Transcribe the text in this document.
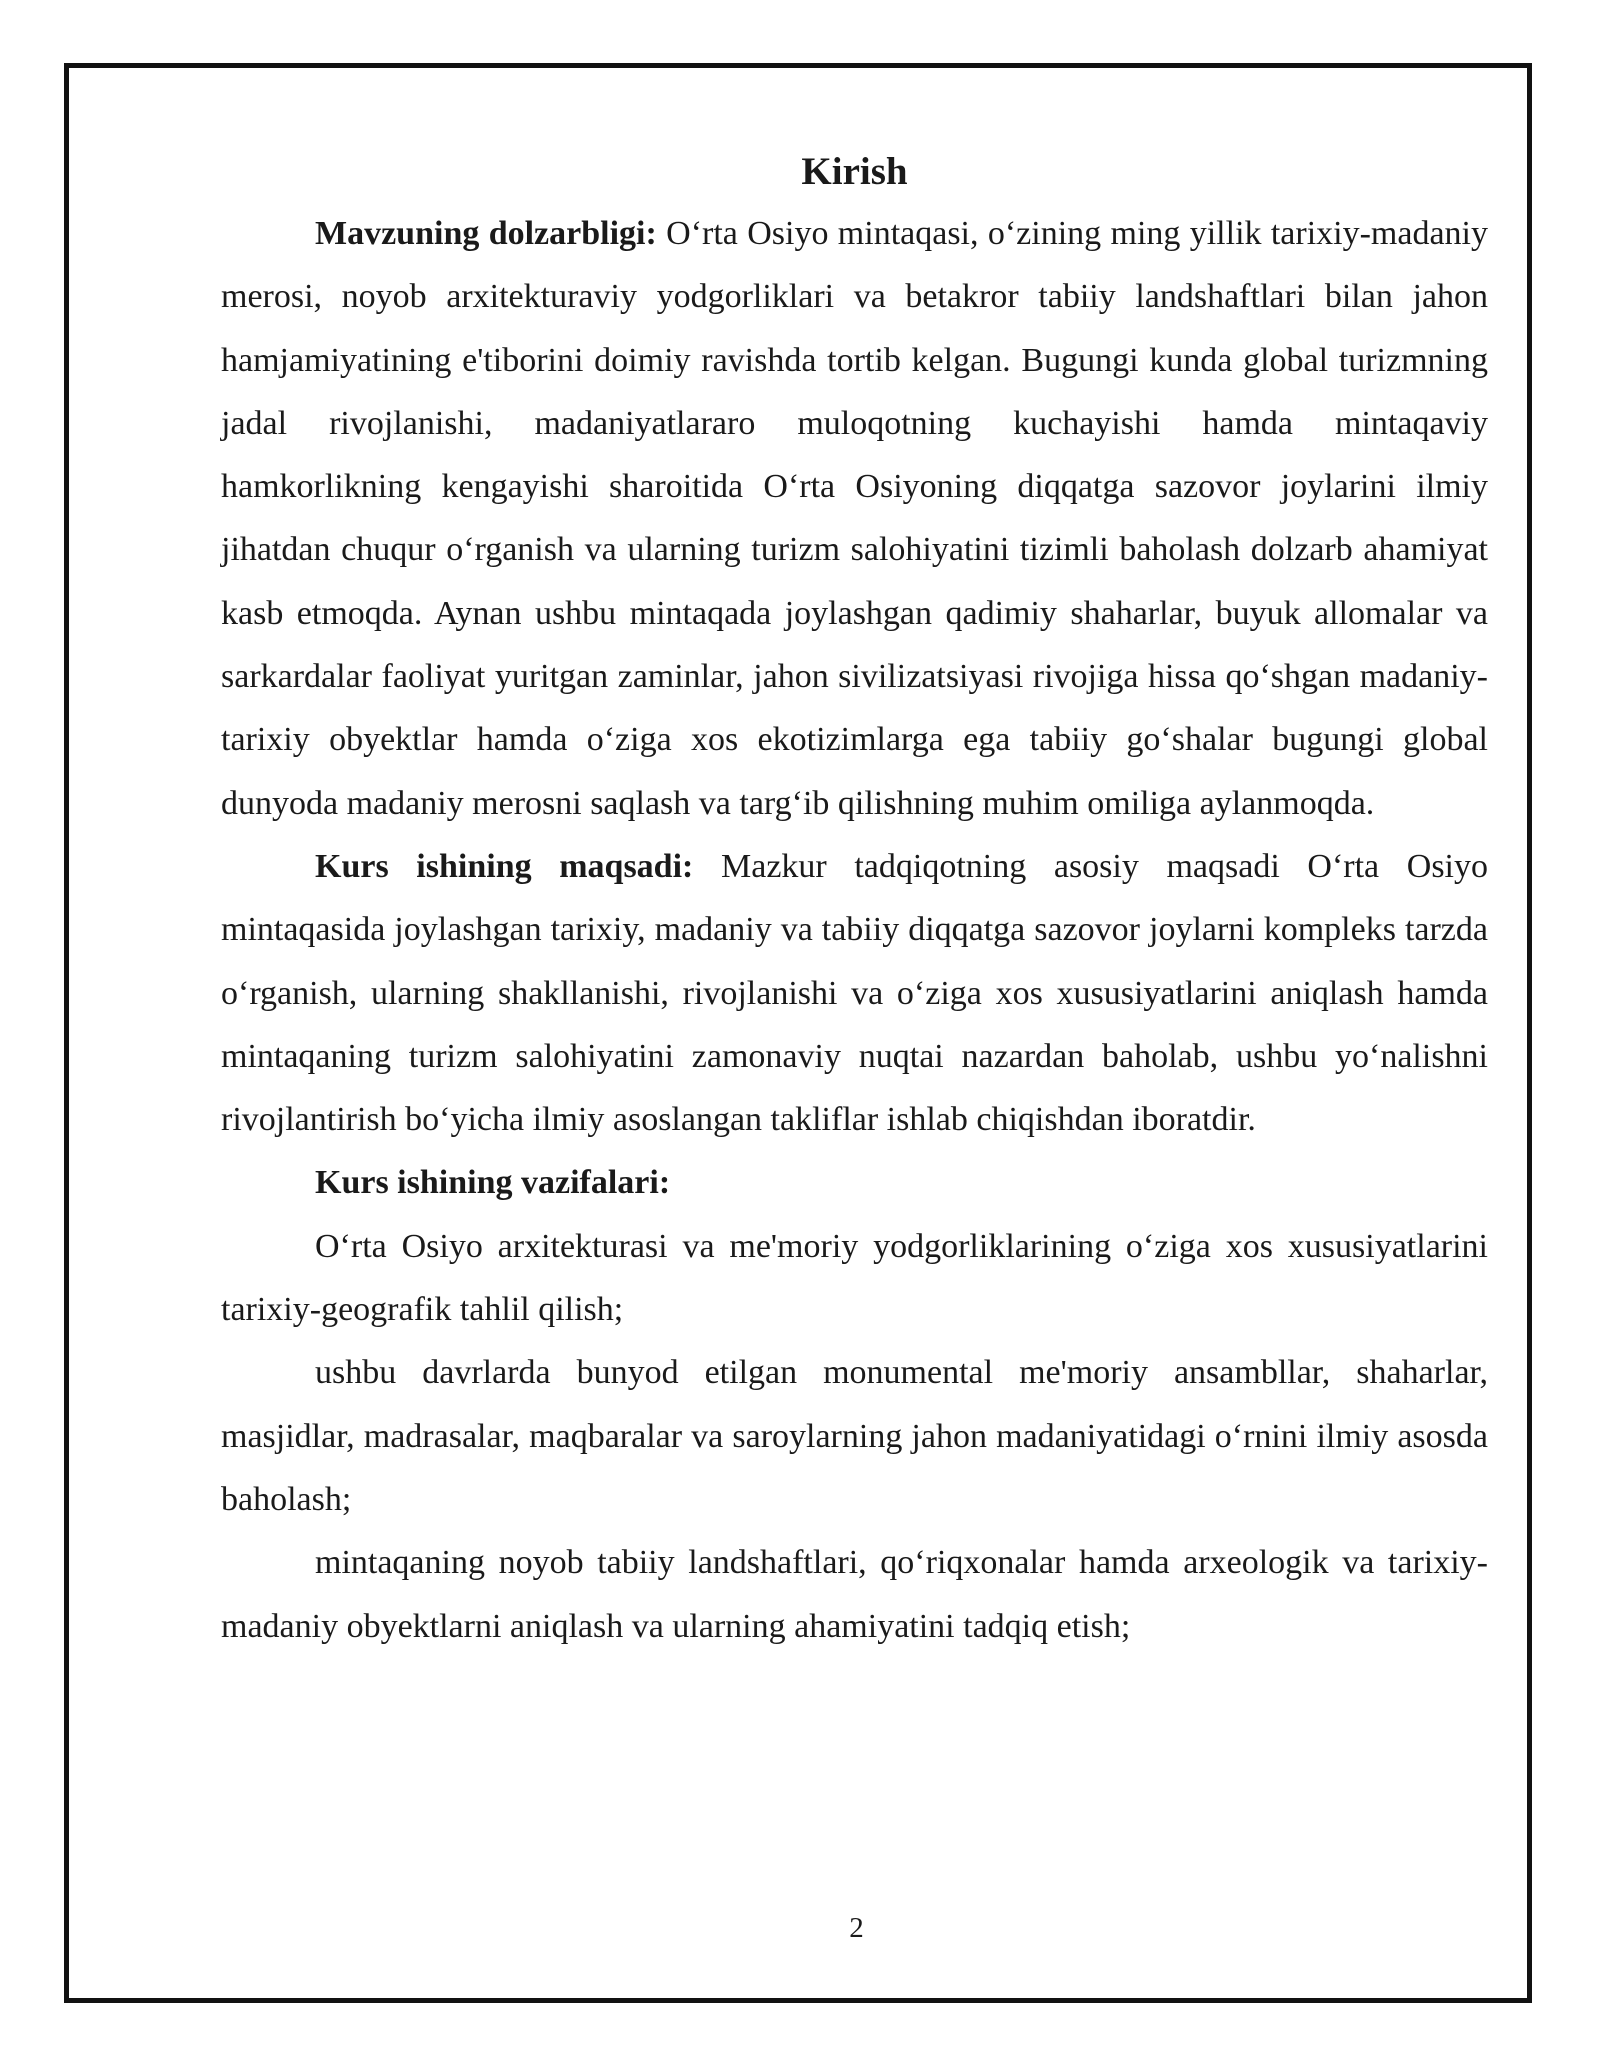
Kirish

Mavzuning dolzarbligi: O‘rta Osiyo mintaqasi, o‘zining ming yillik tarixiy-madaniy merosi, noyob arxitekturaviy yodgorliklari va betakror tabiiy landshaftlari bilan jahon hamjamiyatining e'tiborini doimiy ravishda tortib kelgan. Bugungi kunda global turizmning jadal rivojlanishi, madaniyatlararo muloqotning kuchayishi hamda mintaqaviy hamkorlikning kengayishi sharoitida O‘rta Osiyoning diqqatga sazovor joylarini ilmiy jihatdan chuqur o‘rganish va ularning turizm salohiyatini tizimli baholash dolzarb ahamiyat kasb etmoqda. Aynan ushbu mintaqada joylashgan qadimiy shaharlar, buyuk allomalar va sarkardalar faoliyat yuritgan zaminlar, jahon sivilizatsiyasi rivojiga hissa qo‘shgan madaniy-tarixiy obyektlar hamda o‘ziga xos ekotizimlarga ega tabiiy go‘shalar bugungi global dunyoda madaniy merosni saqlash va targ‘ib qilishning muhim omiliga aylanmoqda.

Kurs ishining maqsadi: Mazkur tadqiqotning asosiy maqsadi O‘rta Osiyo mintaqasida joylashgan tarixiy, madaniy va tabiiy diqqatga sazovor joylarni kompleks tarzda o‘rganish, ularning shakllanishi, rivojlanishi va o‘ziga xos xususiyatlarini aniqlash hamda mintaqaning turizm salohiyatini zamonaviy nuqtai nazardan baholab, ushbu yo‘nalishni rivojlantirish bo‘yicha ilmiy asoslangan takliflar ishlab chiqishdan iboratdir.

Kurs ishining vazifalari:

O‘rta Osiyo arxitekturasi va me'moriy yodgorliklarining o‘ziga xos xususiyatlarini tarixiy-geografik tahlil qilish;

ushbu davrlarda bunyod etilgan monumental me'moriy ansambllar, shaharlar, masjidlar, madrasalar, maqbaralar va saroylarning jahon madaniyatidagi o‘rnini ilmiy asosda baholash;

mintaqaning noyob tabiiy landshaftlari, qo‘riqxonalar hamda arxeologik va tarixiy-madaniy obyektlarni aniqlash va ularning ahamiyatini tadqiq etish;

2
